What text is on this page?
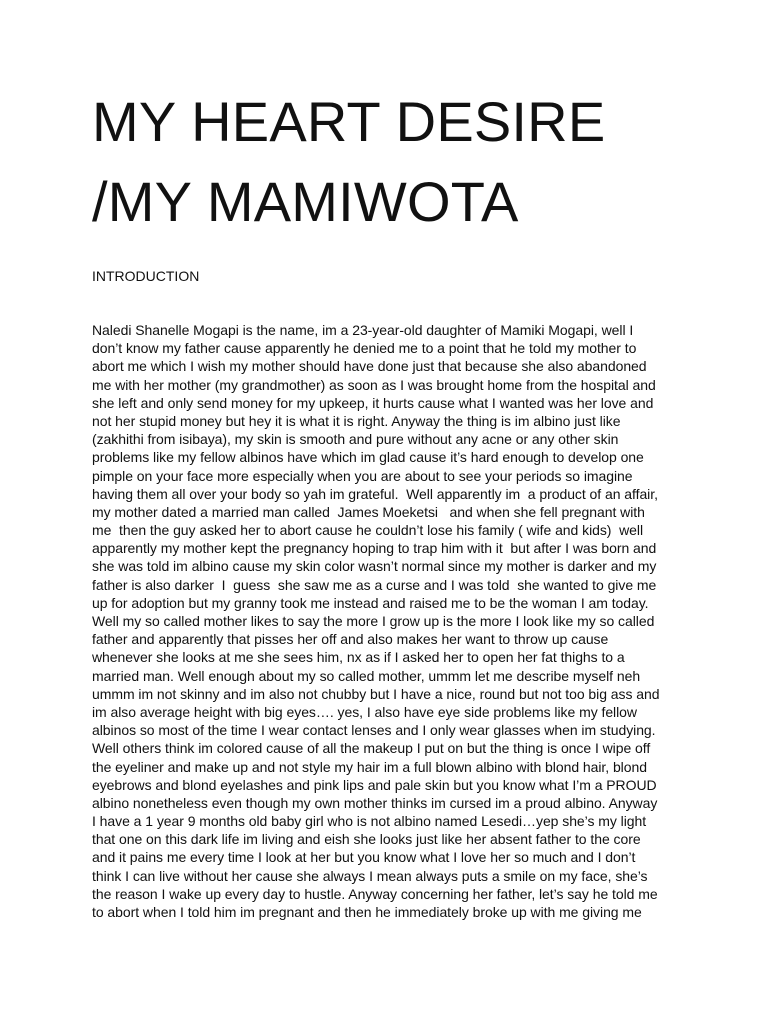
MY HEART DESIRE
/MY MAMIWOTA
INTRODUCTION
Naledi Shanelle Mogapi is the name, im a 23-year-old daughter of Mamiki Mogapi, well I
don’t know my father cause apparently he denied me to a point that he told my mother to
abort me which I wish my mother should have done just that because she also abandoned
me with her mother (my grandmother) as soon as I was brought home from the hospital and
she left and only send money for my upkeep, it hurts cause what I wanted was her love and
not her stupid money but hey it is what it is right. Anyway the thing is im albino just like
(zakhithi from isibaya), my skin is smooth and pure without any acne or any other skin
problems like my fellow albinos have which im glad cause it’s hard enough to develop one
pimple on your face more especially when you are about to see your periods so imagine
having them all over your body so yah im grateful.  Well apparently im  a product of an affair,
my mother dated a married man called  James Moeketsi   and when she fell pregnant with
me  then the guy asked her to abort cause he couldn’t lose his family ( wife and kids)  well
apparently my mother kept the pregnancy hoping to trap him with it  but after I was born and
she was told im albino cause my skin color wasn’t normal since my mother is darker and my
father is also darker  I  guess  she saw me as a curse and I was told  she wanted to give me
up for adoption but my granny took me instead and raised me to be the woman I am today.
Well my so called mother likes to say the more I grow up is the more I look like my so called
father and apparently that pisses her off and also makes her want to throw up cause
whenever she looks at me she sees him, nx as if I asked her to open her fat thighs to a
married man. Well enough about my so called mother, ummm let me describe myself neh
ummm im not skinny and im also not chubby but I have a nice, round but not too big ass and
im also average height with big eyes…. yes, I also have eye side problems like my fellow
albinos so most of the time I wear contact lenses and I only wear glasses when im studying.
Well others think im colored cause of all the makeup I put on but the thing is once I wipe off
the eyeliner and make up and not style my hair im a full blown albino with blond hair, blond
eyebrows and blond eyelashes and pink lips and pale skin but you know what I’m a PROUD
albino nonetheless even though my own mother thinks im cursed im a proud albino. Anyway
I have a 1 year 9 months old baby girl who is not albino named Lesedi…yep she’s my light
that one on this dark life im living and eish she looks just like her absent father to the core
and it pains me every time I look at her but you know what I love her so much and I don’t
think I can live without her cause she always I mean always puts a smile on my face, she’s
the reason I wake up every day to hustle. Anyway concerning her father, let’s say he told me
to abort when I told him im pregnant and then he immediately broke up with me giving me
